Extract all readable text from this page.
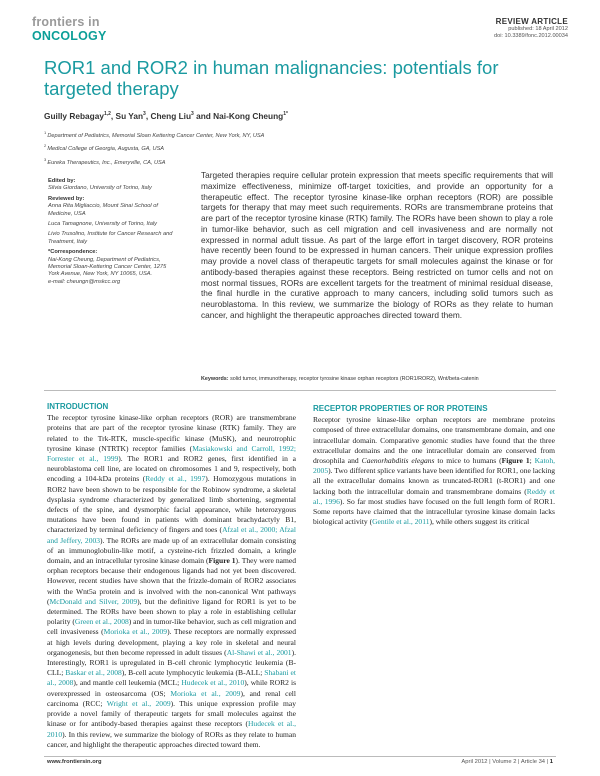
frontiers in
ONCOLOGY
REVIEW ARTICLE
published: 18 April 2012
doi: 10.3389/fonc.2012.00034
ROR1 and ROR2 in human malignancies: potentials for targeted therapy
Guilly Rebagay$^{1,2}$, Su Yan$^3$, Cheng Liu$^3$ and Nai-Kong Cheung$^{1*}$
$^1$ Department of Pediatrics, Memorial Sloan Kettering Cancer Center, New York, NY, USA
$^2$ Medical College of Georgia, Augusta, GA, USA
$^3$ Eureka Therapeutics, Inc., Emeryville, CA, USA
Edited by:
Silvia Giordano, University of Torino, Italy
Reviewed by:
Anna Rita Migliaccio, Mount Sinai School of Medicine, USA
Luca Tamagnone, University of Torino, Italy
Livio Trusolino, Institute for Cancer Research and Treatment, Italy
*Correspondence:
Nai-Kong Cheung, Department of Pediatrics, Memorial Sloan-Kettering Cancer Center, 1275 York Avenue, New York, NY 10065, USA.
e-mail: cheungn@mskcc.org
Targeted therapies require cellular protein expression that meets specific requirements that will maximize effectiveness, minimize off-target toxicities, and provide an opportunity for a therapeutic effect. The receptor tyrosine kinase-like orphan receptors (ROR) are possible targets for therapy that may meet such requirements. RORs are transmembrane proteins that are part of the receptor tyrosine kinase (RTK) family. The RORs have been shown to play a role in tumor-like behavior, such as cell migration and cell invasiveness and are normally not expressed in normal adult tissue. As part of the large effort in target discovery, ROR proteins have recently been found to be expressed in human cancers. Their unique expression profiles may provide a novel class of therapeutic targets for small molecules against the kinase or for antibody-based therapies against these receptors. Being restricted on tumor cells and not on most normal tissues, RORs are excellent targets for the treatment of minimal residual disease, the final hurdle in the curative approach to many cancers, including solid tumors such as neuroblastoma. In this review, we summarize the biology of RORs as they relate to human cancer, and highlight the therapeutic approaches directed toward them.
Keywords: solid tumor, immunotherapy, receptor tyrosine kinase orphan receptors (ROR1/ROR2), Wnt/beta-catenin
INTRODUCTION

The receptor tyrosine kinase-like orphan receptors (ROR) are transmembrane proteins that are part of the receptor tyrosine kinase (RTK) family. They are related to the Trk-RTK, muscle-specific kinase (MuSK), and neurotrophic tyrosine kinase (NTRTK) receptor families (Masiakowski and Carroll, 1992; Forrester et al., 1999). The ROR1 and ROR2 genes, first identified in a neuroblastoma cell line, are located on chromosomes 1 and 9, respectively, both encoding a 104-kDa proteins (Reddy et al., 1997). Homozygous mutations in ROR2 have been shown to be responsible for the Robinow syndrome, a skeletal dysplasia syndrome characterized by generalized limb shortening, segmental defects of the spine, and dysmorphic facial appearance, while heterozygous mutations have been found in patients with dominant brachydactyly B1, characterized by terminal deficiency of fingers and toes (Afzal et al., 2000; Afzal and Jeffery, 2003). The RORs are made up of an extracellular domain consisting of an immunoglobulin-like motif, a cysteine-rich frizzled domain, a kringle domain, and an intracellular tyrosine kinase domain (Figure 1). They were named orphan receptors because their endogenous ligands had not yet been discovered. However, recent studies have shown that the frizzle-domain of ROR2 associates with the Wnt5a protein and is involved with the non-canonical Wnt pathways (McDonald and Silver, 2009), but the definitive ligand for ROR1 is yet to be determined. The RORs have been shown to play a role in establishing cellular polarity (Green et al., 2008) and in tumor-like behavior, such as cell migration and cell invasiveness (Morioka et al., 2009). These receptors are normally expressed at high levels during development, playing a key role in skeletal and neural organogenesis, but then become repressed in adult tissues (Al-Shawi et al., 2001). Interestingly, ROR1 is upregulated in B-cell chronic lymphocytic leukemia (B-CLL; Baskar et al., 2008), B-cell acute lymphocytic leukemia (B-ALL; Shabani et al., 2008), and mantle cell leukemia (MCL; Hudecek et al., 2010), while ROR2 is overexpressed in osteosarcoma (OS; Morioka et al., 2009), and renal cell carcinoma (RCC; Wright et al., 2009). This unique expression profile may provide a novel family of therapeutic targets for small molecules against the kinase or for antibody-based therapies against these receptors (Hudecek et al., 2010). In this review, we summarize the biology of RORs as they relate to human cancer, and highlight the therapeutic approaches directed toward them.

RECEPTOR PROPERTIES OF ROR PROTEINS

Receptor tyrosine kinase-like orphan receptors are membrane proteins composed of three extracellular domains, one transmembrane domain, and one intracellular domain. Comparative genomic studies have found that the three extracellular domains and the one intracellular domain are conserved from drosophila and Caenorhabditis elegans to mice to humans (Figure 1; Katoh, 2005). Two different splice variants have been identified for ROR1, one lacking all the extracellular domains known as truncated-ROR1 (t-ROR1) and one lacking both the intracellular domain and transmembrane domains (Reddy et al., 1996). So far most studies have focused on the full length form of ROR1. Some reports have claimed that the intracellular tyrosine kinase domain lacks biological activity (Gentile et al., 2011), while others suggest its critical

www.frontiersin.org	April 2012 | Volume 2 | Article 34 | 1
